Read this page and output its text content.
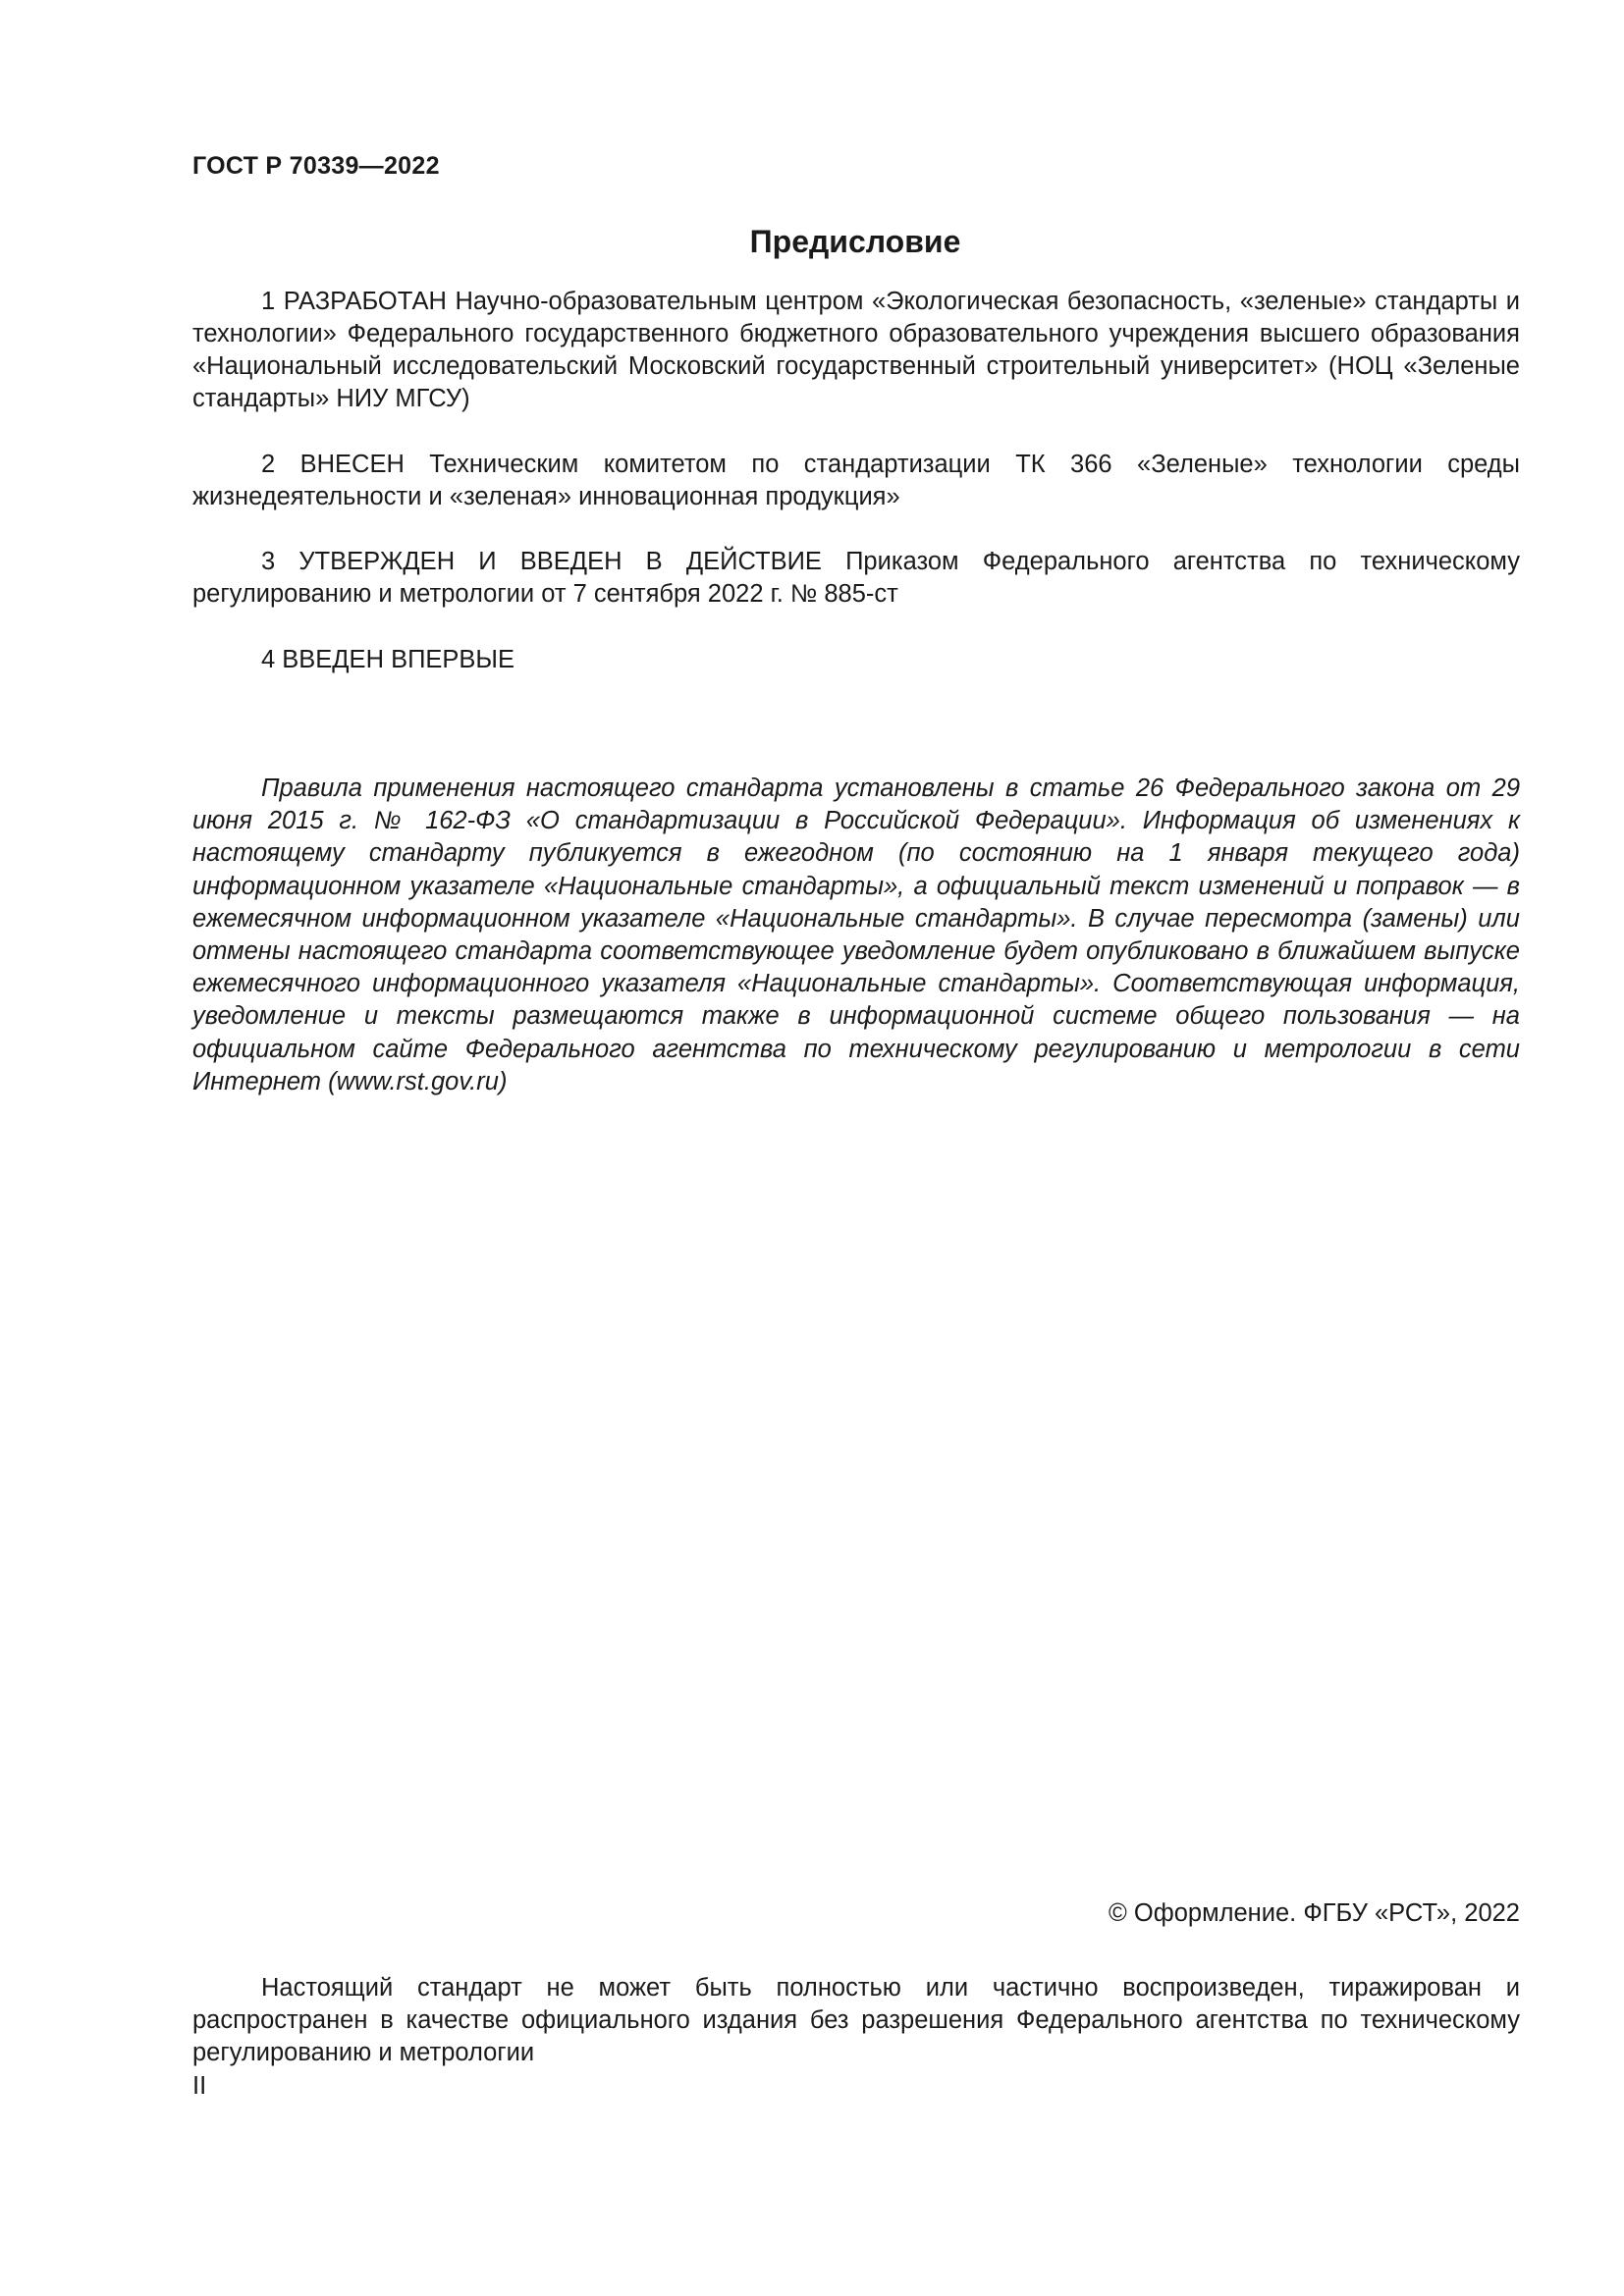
ГОСТ Р 70339—2022
Предисловие

1 РАЗРАБОТАН Научно-образовательным центром «Экологическая безопасность, «зеленые» стандарты и технологии» Федерального государственного бюджетного образовательного учреждения высшего образования «Национальный исследовательский Московский государственный строительный университет» (НОЦ «Зеленые стандарты» НИУ МГСУ)

2 ВНЕСЕН Техническим комитетом по стандартизации ТК 366 «Зеленые» технологии среды жизнедеятельности и «зеленая» инновационная продукция»

3 УТВЕРЖДЕН И ВВЕДЕН В ДЕЙСТВИЕ Приказом Федерального агентства по техническому регулированию и метрологии от 7 сентября 2022 г. № 885-ст

4 ВВЕДЕН ВПЕРВЫЕ

Правила применения настоящего стандарта установлены в статье 26 Федерального закона от 29 июня 2015 г. № 162-ФЗ «О стандартизации в Российской Федерации». Информация об изменениях к настоящему стандарту публикуется в ежегодном (по состоянию на 1 января текущего года) информационном указателе «Национальные стандарты», а официальный текст изменений и поправок — в ежемесячном информационном указателе «Национальные стандарты». В случае пересмотра (замены) или отмены настоящего стандарта соответствующее уведомление будет опубликовано в ближайшем выпуске ежемесячного информационного указателя «Национальные стандарты». Соответствующая информация, уведомление и тексты размещаются также в информационной системе общего пользования — на официальном сайте Федерального агентства по техническому регулированию и метрологии в сети Интернет (www.rst.gov.ru)

© Оформление. ФГБУ «РСТ», 2022

Настоящий стандарт не может быть полностью или частично воспроизведен, тиражирован и распространен в качестве официального издания без разрешения Федерального агентства по техническому регулированию и метрологии

II
